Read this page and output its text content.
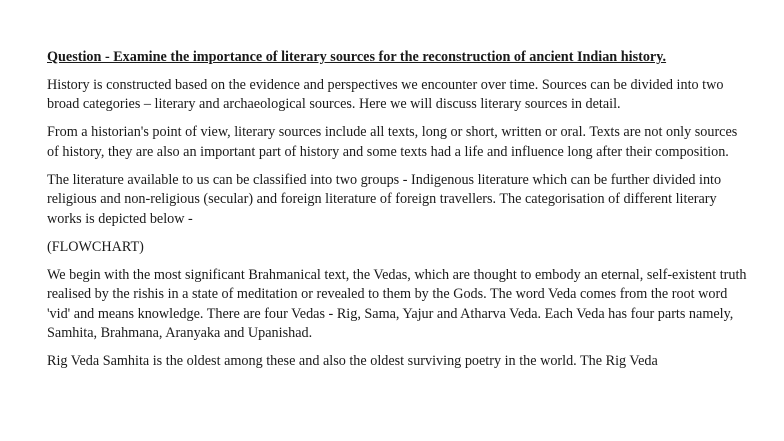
Question - Examine the importance of literary sources for the reconstruction of ancient Indian history.

History is constructed based on the evidence and perspectives we encounter over time. Sources can be divided into two broad categories – literary and archaeological sources. Here we will discuss literary sources in detail.

From a historian's point of view, literary sources include all texts, long or short, written or oral. Texts are not only sources of history, they are also an important part of history and some texts had a life and influence long after their composition.

The literature available to us can be classified into two groups - Indigenous literature which can be further divided into religious and non-religious (secular) and foreign literature of foreign travellers. The categorisation of different literary works is depicted below -

(FLOWCHART)

We begin with the most significant Brahmanical text, the Vedas, which are thought to embody an eternal, self-existent truth realised by the rishis in a state of meditation or revealed to them by the Gods. The word Veda comes from the root word 'vid' and means knowledge. There are four Vedas - Rig, Sama, Yajur and Atharva Veda. Each Veda has four parts namely, Samhita, Brahmana, Aranyaka and Upanishad.

Rig Veda Samhita is the oldest among these and also the oldest surviving poetry in the world. The Rig Veda
